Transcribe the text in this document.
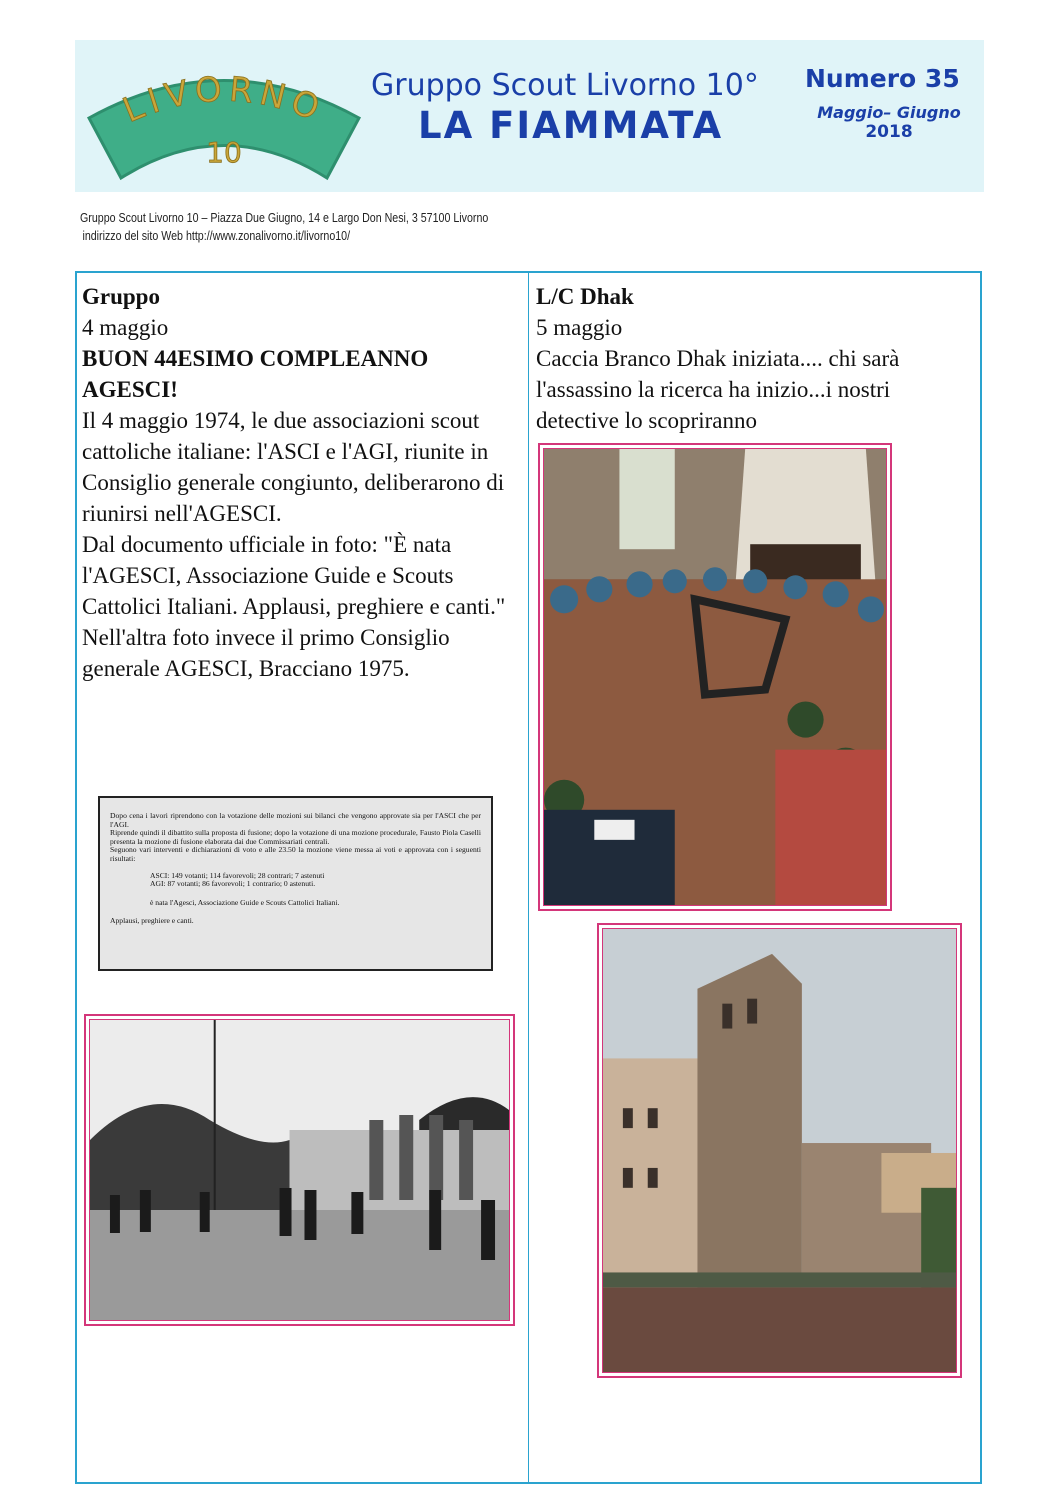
LIVORNO
10
Gruppo Scout Livorno 10°
LA FIAMMATA
Numero 35
Maggio– Giugno
2018
Gruppo Scout Livorno 10 – Piazza Due Giugno, 14 e Largo Don Nesi, 3 57100 Livorno
indirizzo del sito Web http://www.zonalivorno.it/livorno10/
Gruppo
4 maggio
BUON 44ESIMO COMPLEANNO AGESCI!
Il 4 maggio 1974, le due associazioni scout cattoliche italiane: l'ASCI e l'AGI, riunite in Consiglio generale congiunto, deliberarono di riunirsi nell'AGESCI.
Dal documento ufficiale in foto: "È nata l'AGESCI, Associazione Guide e Scouts Cattolici Italiani. Applausi, preghiere e canti."
Nell'altra foto invece il primo Consiglio generale AGESCI, Bracciano 1975.

Dopo cena i lavori riprendono con la votazione delle mozioni sui bilanci che vengono approvate sia per l'ASCI che per l'AGI.

Riprende quindi il dibattito sulla proposta di fusione; dopo la votazione di una mozione procedurale, Fausto Piola Caselli presenta la mozione di fusione elaborata dai due Commissariati centrali.

Seguono vari interventi e dichiarazioni di voto e alle 23.50 la mozione viene messa ai voti e approvata con i seguenti risultati:

ASCI: 149 votanti; 114 favorevoli; 28 contrari; 7 astenuti

AGI: 87 votanti; 86 favorevoli; 1 contrario; 0 astenuti.

è nata l'Agesci, Associazione Guide e Scouts Cattolici Italiani.

Applausi, preghiere e canti.

L/C Dhak
5 maggio
Caccia Branco Dhak iniziata.... chi sarà l'assassino la ricerca ha inizio...i nostri detective lo scopriranno
